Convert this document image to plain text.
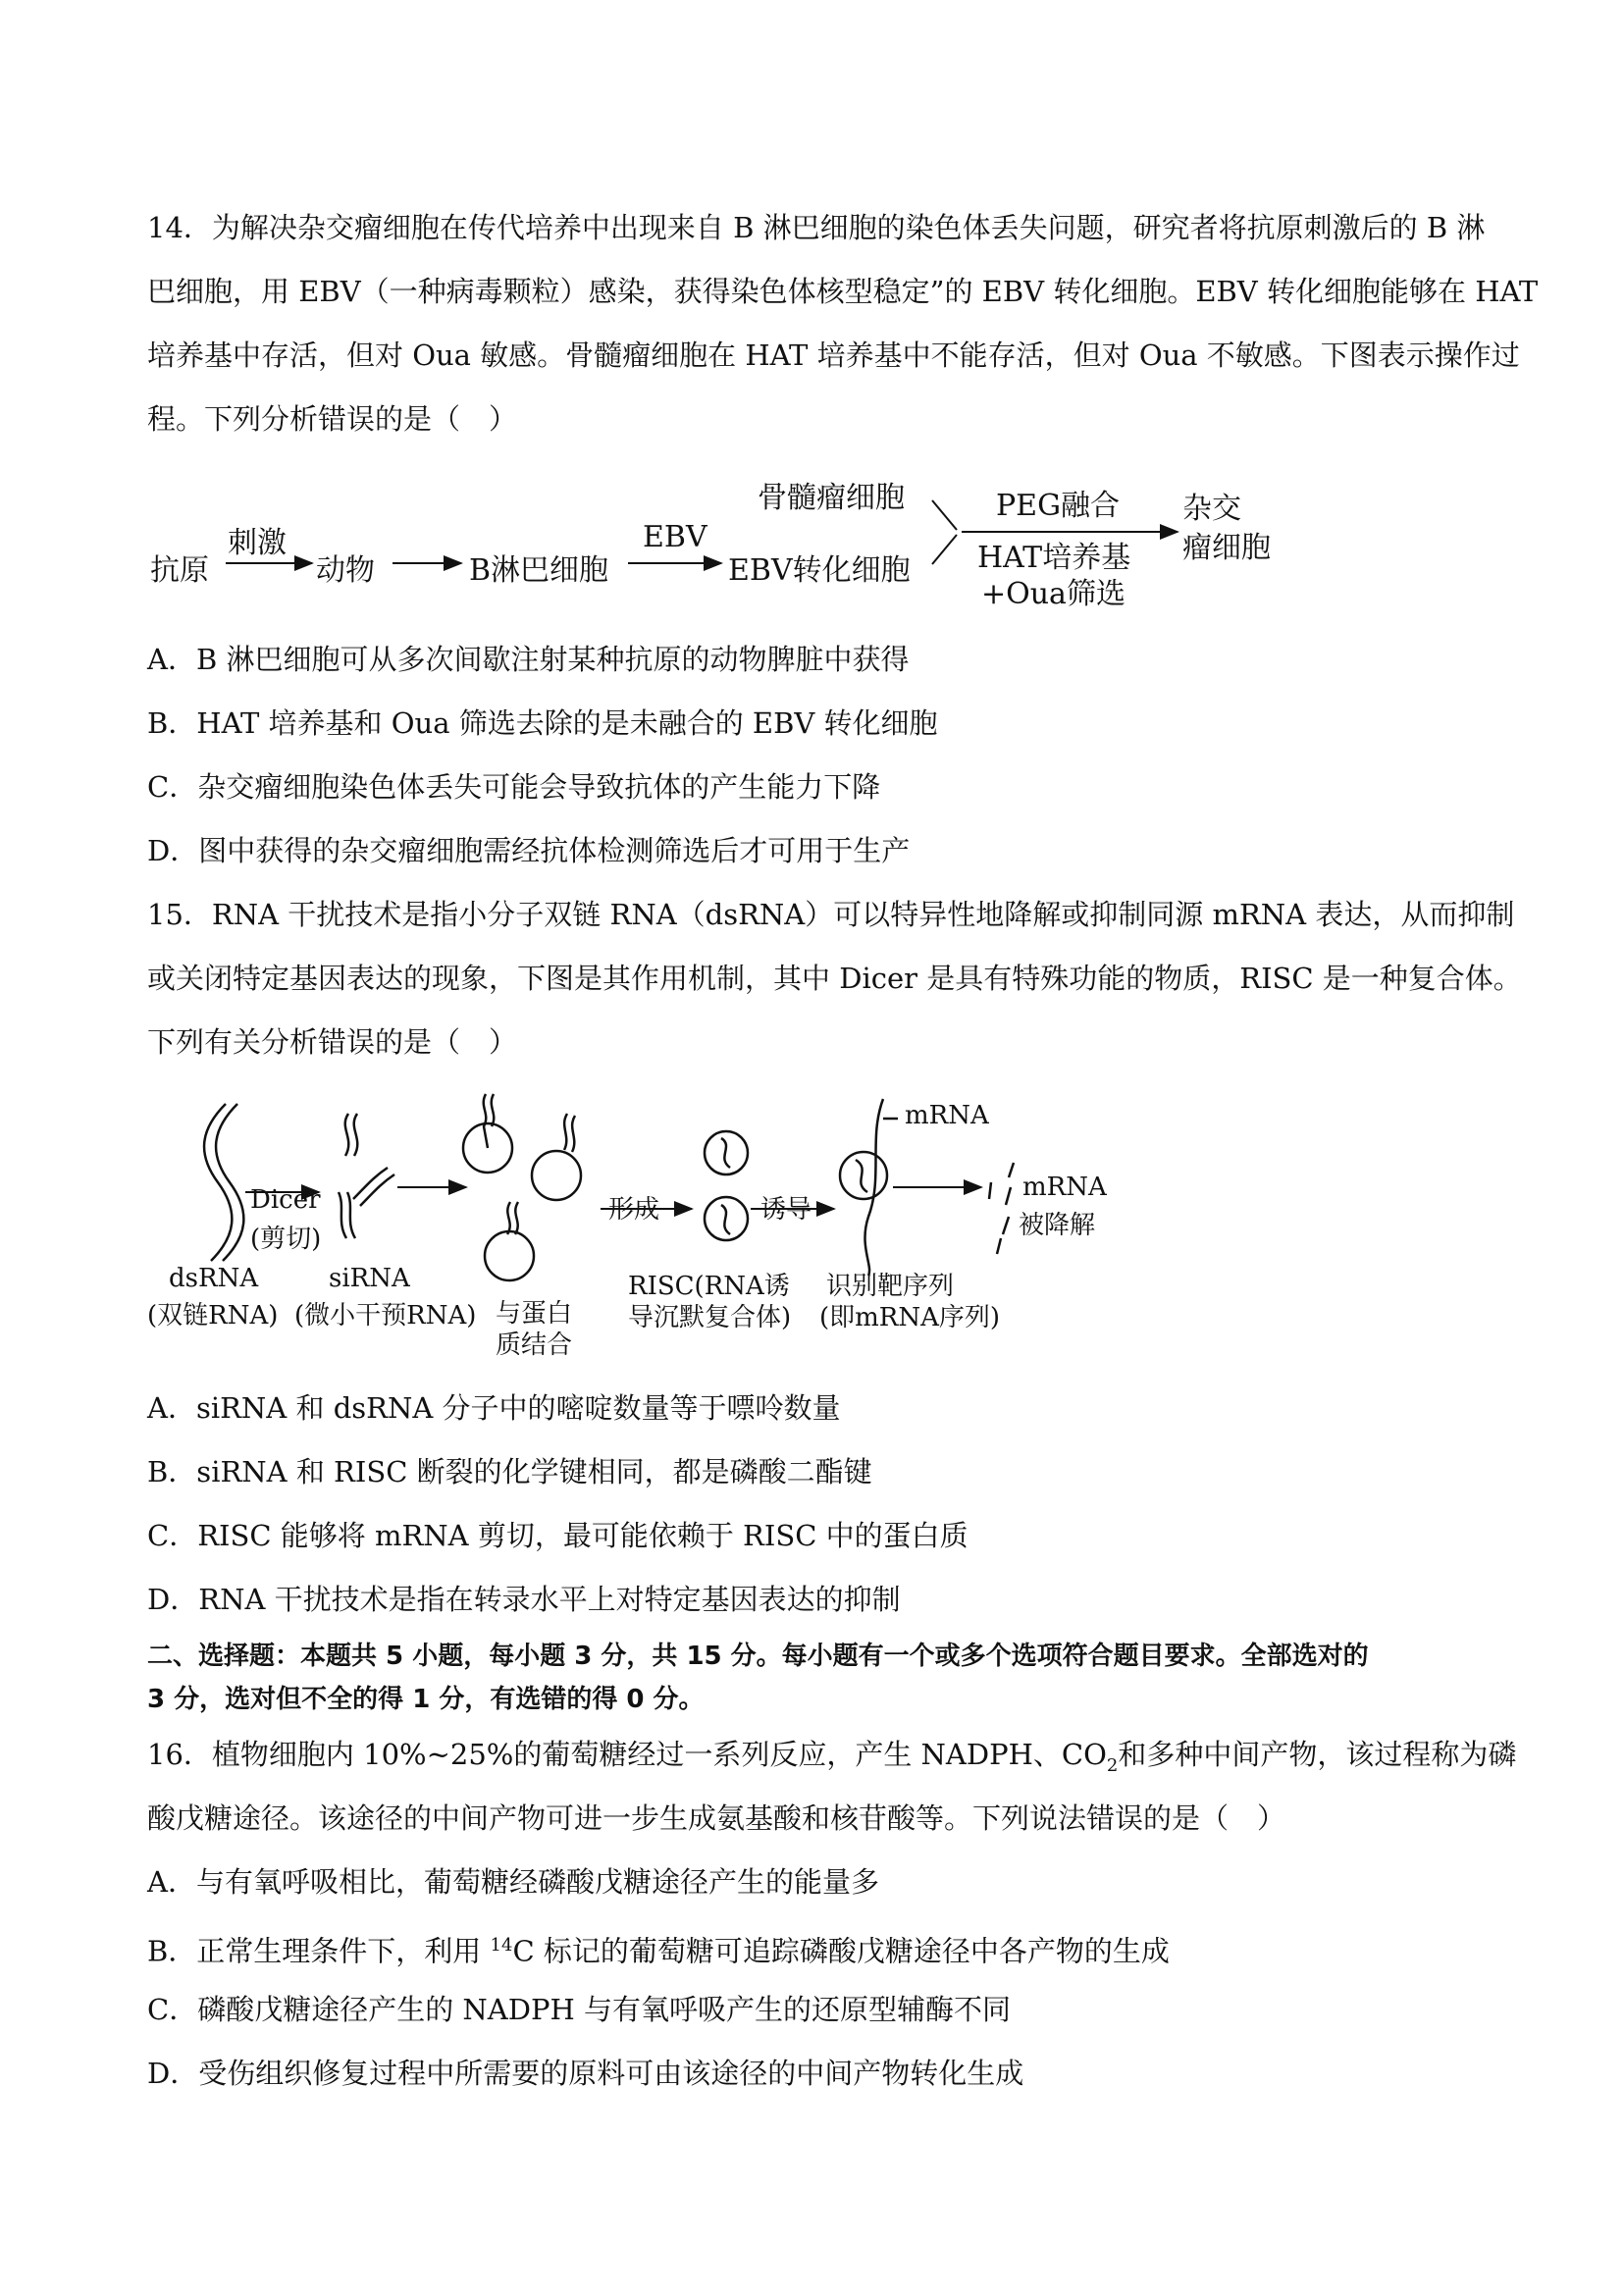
14．为解决杂交瘤细胞在传代培养中出现来自 B 淋巴细胞的染色体丢失问题，研究者将抗原刺激后的 B 淋
巴细胞，用 EBV（一种病毒颗粒）感染，获得染色体核型稳定”的 EBV 转化细胞。EBV 转化细胞能够在 HAT
培养基中存活，但对 Oua 敏感。骨髓瘤细胞在 HAT 培养基中不能存活，但对 Oua 不敏感。下图表示操作过
程。下列分析错误的是（　）
抗原
刺激
动物	B淋巴细胞
EBV
EBV转化细胞
骨髓瘤细胞	PEG融合
HAT培养基
+Oua筛选
杂交
瘤细胞
A．B 淋巴细胞可从多次间歇注射某种抗原的动物脾脏中获得
B．HAT 培养基和 Oua 筛选去除的是未融合的 EBV 转化细胞
C．杂交瘤细胞染色体丢失可能会导致抗体的产生能力下降
D．图中获得的杂交瘤细胞需经抗体检测筛选后才可用于生产
15．RNA 干扰技术是指小分子双链 RNA（dsRNA）可以特异性地降解或抑制同源 mRNA 表达，从而抑制
或关闭特定基因表达的现象，下图是其作用机制，其中 Dicer 是具有特殊功能的物质，RISC 是一种复合体。
下列有关分析错误的是（　）
Dicer
(剪切)
dsRNA
(双链RNA)
siRNA
(微小干预RNA) 与蛋白
质结合
形成
RISC(RNA诱
导沉默复合体)
诱导
识别靶序列
(即mRNA序列)
mRNA
mRNA
被降解
A．siRNA 和 dsRNA 分子中的嘧啶数量等于嘌呤数量
B．siRNA 和 RISC 断裂的化学键相同，都是磷酸二酯键
C．RISC 能够将 mRNA 剪切，最可能依赖于 RISC 中的蛋白质
D．RNA 干扰技术是指在转录水平上对特定基因表达的抑制
二、选择题：本题共 5 小题，每小题 3 分，共 15 分。每小题有一个或多个选项符合题目要求。全部选对的
3 分，选对但不全的得 1 分，有选错的得 0 分。
16．植物细胞内 10%~25%的葡萄糖经过一系列反应，产生 NADPH、$CO_2$和多种中间产物，该过程称为磷
酸戊糖途径。该途径的中间产物可进一步生成氨基酸和核苷酸等。下列说法错误的是（　）
A．与有氧呼吸相比，葡萄糖经磷酸戊糖途径产生的能量多
B．正常生理条件下，利用 $^{14}$C 标记的葡萄糖可追踪磷酸戊糖途径中各产物的生成
C．磷酸戊糖途径产生的 NADPH 与有氧呼吸产生的还原型辅酶不同
D．受伤组织修复过程中所需要的原料可由该途径的中间产物转化生成
